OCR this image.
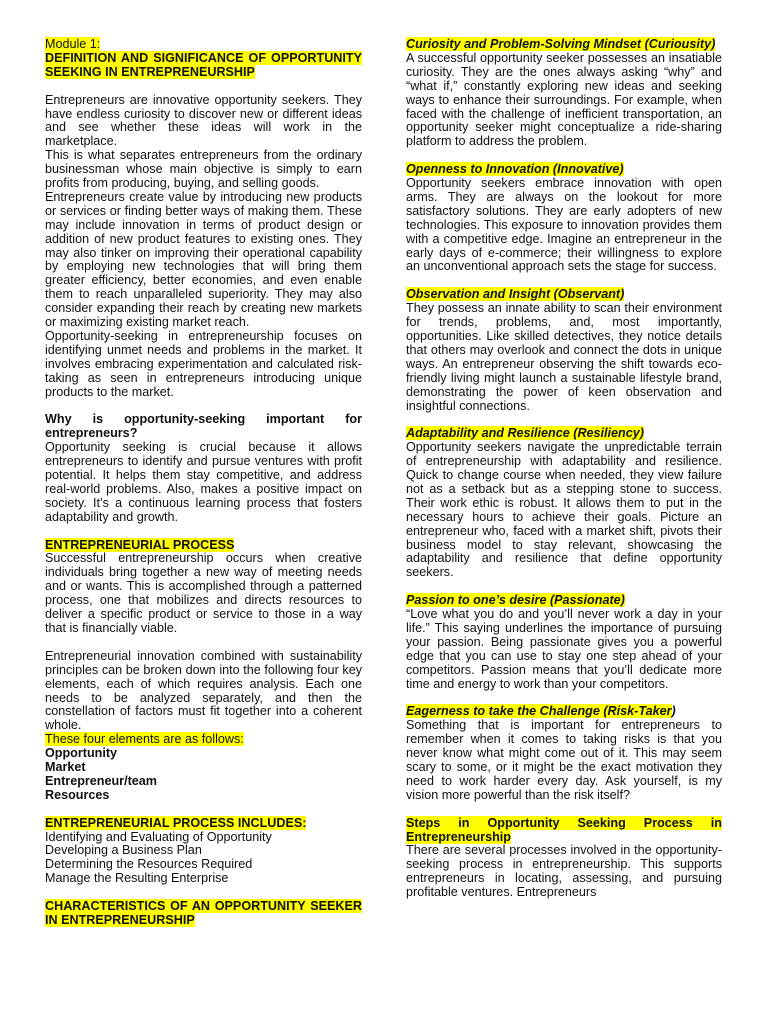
Module 1:

DEFINITION AND SIGNIFICANCE OF OPPORTUNITY SEEKING IN ENTREPRENEURSHIP

Entrepreneurs are innovative opportunity seekers. They have endless curiosity to discover new or different ideas and see whether these ideas will work in the marketplace.

This is what separates entrepreneurs from the ordinary businessman whose main objective is simply to earn profits from producing, buying, and selling goods.

Entrepreneurs create value by introducing new products or services or finding better ways of making them. These may include innovation in terms of product design or addition of new product features to existing ones. They may also tinker on improving their operational capability by employing new technologies that will bring them greater efficiency, better economies, and even enable them to reach unparalleled superiority. They may also consider expanding their reach by creating new markets or maximizing existing market reach.

Opportunity-seeking in entrepreneurship focuses on identifying unmet needs and problems in the market. It involves embracing experimentation and calculated risk-taking as seen in entrepreneurs introducing unique products to the market.

Why is opportunity-seeking important for entrepreneurs?

Opportunity seeking is crucial because it allows entrepreneurs to identify and pursue ventures with profit potential. It helps them stay competitive, and address real-world problems. Also, makes a positive impact on society. It’s a continuous learning process that fosters adaptability and growth.

ENTREPRENEURIAL PROCESS

Successful entrepreneurship occurs when creative individuals bring together a new way of meeting needs and or wants. This is accomplished through a patterned process, one that mobilizes and directs resources to deliver a specific product or service to those in a way that is financially viable.

Entrepreneurial innovation combined with sustainability principles can be broken down into the following four key elements, each of which requires analysis. Each one needs to be analyzed separately, and then the constellation of factors must fit together into a coherent whole.

These four elements are as follows:

Opportunity

Market

Entrepreneur/team

Resources

ENTREPRENEURIAL PROCESS INCLUDES:

Identifying and Evaluating of Opportunity

Developing a Business Plan

Determining the Resources Required

Manage the Resulting Enterprise

CHARACTERISTICS OF AN OPPORTUNITY SEEKER IN ENTREPRENEURSHIP

Curiosity and Problem-Solving Mindset (Curiousity)

A successful opportunity seeker possesses an insatiable curiosity. They are the ones always asking “why” and “what if,” constantly exploring new ideas and seeking ways to enhance their surroundings. For example, when faced with the challenge of inefficient transportation, an opportunity seeker might conceptualize a ride-sharing platform to address the problem.

Openness to Innovation (Innovative)

Opportunity seekers embrace innovation with open arms. They are always on the lookout for more satisfactory solutions. They are early adopters of new technologies. This exposure to innovation provides them with a competitive edge. Imagine an entrepreneur in the early days of e-commerce; their willingness to explore an unconventional approach sets the stage for success.

Observation and Insight (Observant)

They possess an innate ability to scan their environment for trends, problems, and, most importantly, opportunities. Like skilled detectives, they notice details that others may overlook and connect the dots in unique ways. An entrepreneur observing the shift towards eco-friendly living might launch a sustainable lifestyle brand, demonstrating the power of keen observation and insightful connections.

Adaptability and Resilience (Resiliency)

Opportunity seekers navigate the unpredictable terrain of entrepreneurship with adaptability and resilience. Quick to change course when needed, they view failure not as a setback but as a stepping stone to success. Their work ethic is robust. It allows them to put in the necessary hours to achieve their goals. Picture an entrepreneur who, faced with a market shift, pivots their business model to stay relevant, showcasing the adaptability and resilience that define opportunity seekers.

Passion to one’s desire (Passionate)

“Love what you do and you’ll never work a day in your life.” This saying underlines the importance of pursuing your passion. Being passionate gives you a powerful edge that you can use to stay one step ahead of your competitors. Passion means that you’ll dedicate more time and energy to work than your competitors.

Eagerness to take the Challenge (Risk-Taker)

Something that is important for entrepreneurs to remember when it comes to taking risks is that you never know what might come out of it. This may seem scary to some, or it might be the exact motivation they need to work harder every day. Ask yourself, is my vision more powerful than the risk itself?

Steps in Opportunity Seeking Process in Entrepreneurship

There are several processes involved in the opportunity-seeking process in entrepreneurship. This supports entrepreneurs in locating, assessing, and pursuing profitable ventures. Entrepreneurs
